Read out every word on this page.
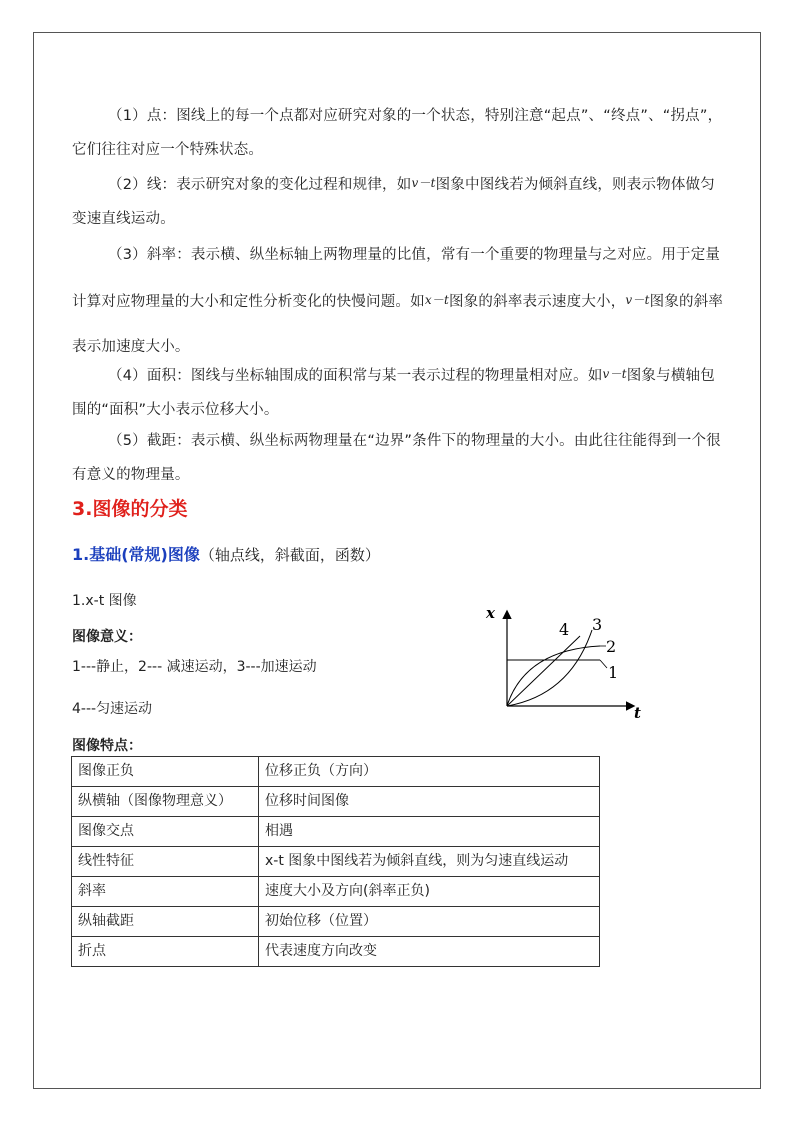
（1）点：图线上的每一个点都对应研究对象的一个状态，特别注意“起点”、“终点”、“拐点”，它们往往对应一个特殊状态。

（2）线：表示研究对象的变化过程和规律，如v－t图象中图线若为倾斜直线，则表示物体做匀变速直线运动。

（3）斜率：表示横、纵坐标轴上两物理量的比值，常有一个重要的物理量与之对应。用于定量计算对应物理量的大小和定性分析变化的快慢问题。如x－t图象的斜率表示速度大小，v－t图象的斜率表示加速度大小。

（4）面积：图线与坐标轴围成的面积常与某一表示过程的物理量相对应。如v－t图象与横轴包围的“面积”大小表示位移大小。

（5）截距：表示横、纵坐标两物理量在“边界”条件下的物理量的大小。由此往往能得到一个很有意义的物理量。

3.图像的分类
1.基础(常规)图像（轴点线，斜截面，函数）

1.x-t 图像

图像意义：

1---静止，2--- 减速运动，3---加速运动

4---匀速运动

图像特点：

x
t
1
2
3
4
图像正负	位移正负（方向）
纵横轴（图像物理意义）	位移时间图像
图像交点	相遇
线性特征	x-t 图象中图线若为倾斜直线，则为匀速直线运动
斜率	速度大小及方向(斜率正负)
纵轴截距	初始位移（位置）
折点	代表速度方向改变
